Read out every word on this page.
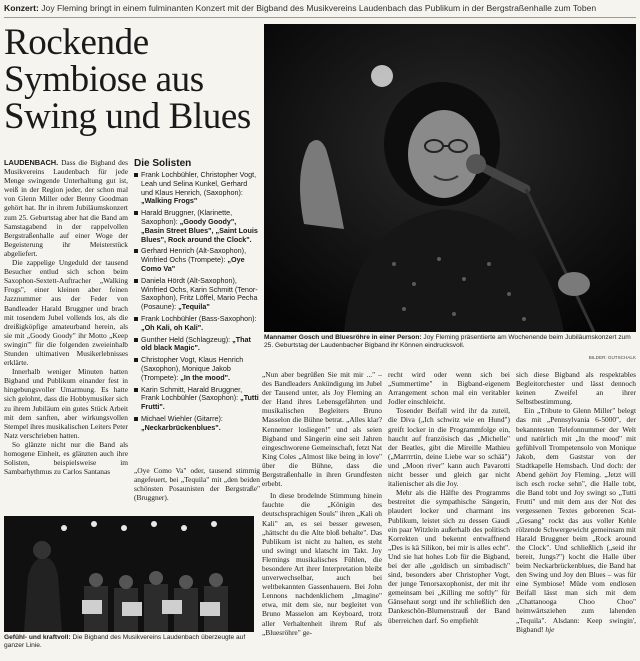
Konzert: Joy Fleming bringt in einem fulminanten Konzert mit der Bigband des Musikvereins Laudenbach das Publikum in der Bergstraßenhalle zum Toben
Rockende
Symbiose aus
Swing und Blues

LAUDENBACH. Dass die Bigband des Musikvereins Laudenbach für jede Menge swingende Unterhaltung gut ist, weiß in der Region jeder, der schon mal von Glenn Miller oder Benny Goodman gehört hat. Ihr in ihrem Jubiläumskonzert zum 25. Geburtstag aber hat die Band am Samstagabend in der rappelvollen Bergstraßenhalle auf einer Woge der Begeisterung ihr Meisterstück abgeliefert.

Die zappelige Ungeduld der tausend Besucher entlud sich schon beim Saxophon-Sextett-Auftracher „Walking Frogs", einer kleinen aber feinen Jazznummer aus der Feder von Bandleader Harald Bruggner und brach mit tosendem Jubel vollends los, als die dreißigköpfige amateurband herein, als sie mit „Goody Goody" ihr Motto „Keep swingin'" für die folgenden zweieinhalb Stunden ultimativen Musikerlebnisses erklärte.

Innerhalb weniger Minuten hatten Bigband und Publikum einander fest in hingebungsvoller Umarmung. Es hatte sich gelohnt, dass die Hobbymusiker sich zu ihrem Jubiläum ein gutes Stück Arbeit mit dem sanften, aber wirkungsvollen Stempel ihres musikalischen Leiters Peter Natz verschrieben hatten.

So glänzte nicht nur die Band als homogene Einheit, es glänzten auch ihre Solisten, beispielsweise im Sambarhythmus zu Carlos Santanas

Die Solisten
Frank Lochbühler, Christopher Vogt, Leah und Selina Kunkel, Gerhard und Klaus Henrich, (Saxophon): „Walking Frogs"
Harald Bruggner, (Klarinette, Saxophon): „Goody Goody", „Basin Street Blues", „Saint Louis Blues", Rock around the Clock".
Gerhard Henrich (Alt-Saxophon), Winfried Ochs (Trompete): „Oye Como Va"
Daniela Hördt (Alt-Saxophon), Winfried Ochs, Karin Schmitt (Tenor-Saxophon), Fritz Löffel, Mario Pecha (Posaune): „Tequila"
Frank Lochbühler (Bass-Saxophon): „Oh Kali, oh Kali".
Gunther Held (Schlagzeug): „That old black Magic".
Christopher Vogt, Klaus Henrich (Saxophon), Monique Jakob (Trompete): „In the mood".
Karin Schmitt, Harald Bruggner, Frank Lochbühler (Saxophon): „Tutti Frutti".
Michael Wiehler (Gitarre): „Neckarbrückenblues".

„Oye Como Va" oder, tausend stimmig angefeuert, bei „Tequila" mit „den beiden schönsten Posaunisten der Bergstraße" (Bruggner).

Mannamer Gosch und Bluesröhre in einer Person: Joy Fleming präsentierte am Wochenende beim Jubiläumskonzert zum 25. Geburtstag der Laudenbacher Bigband ihr Können eindrucksvoll.
BILDER: GUTSCHALK

„Nun aber begrüßen Sie mit mir ..." – des Bandleaders Ankündigung im Jubel der Tausend unter, als Joy Fleming an der Hand ihres Lebensgefährten und musikalischen Begleiters Bruno Masselon die Bühne betrat. „Alles klar? Kennemer losliegen!" und als seien Bigband und Sängerin eine seit Jahren eingeschworene Gemeinschaft, fetzt Nat King Coles „Almost like being in love" über die Bühne, dass die Bergstraßenhalle in ihren Grundfesten erbebt.

In diese brodelnde Stimmung hinein fauchte die „Königin des deutschsprachigen Souls" ihren „Kali oh Kali" an, es sei besser gewesen, „hättscht du die Alte bloß behalte". Das Publikum ist nicht zu halten, es steht und swingt und klatscht im Takt. Joy Flemings musikalisches Fühlen, die besondere Art ihrer Interpretation bleibt unverwechselbar, auch bei weltbekannten Gassenhauern. Bei John Lennons nachdenklichem „Imagine" etwa, mit dem sie, nur begleitet von Bruno Masselon am Keyboard, trotz aller Verhaltenheit ihrem Ruf als „Bluesröhre" ge-

recht wird oder wenn sich bei „Summertime" in Bigband-eigenem Arrangement schon mal ein veritabler Jodler einschleicht.

Tosender Beifall wird ihr da zuteil, die Diva („Ich schwitz wie en Hund") greift locker in die Programmfolge ein, haucht auf französisch das „Michelle" der Beatles, gibt die Mireille Mathieu („Marrrrtin, deine Liebe war so schää") und „Moon river" kann auch Pavarotti nicht besser und gleich gar nicht italienischer als die Joy.

Mehr als die Hälfte des Programms bestreitet die sympathische Sängerin, plaudert locker und charmant ins Publikum, leistet sich zu dessen Gaudi ein paar Witzlein außerhalb des politisch Korrekten und bekennt entwaffnend „Des is kä Silikon, bei mir is alles echt". Und sie hat hohes Lob für die Bigband, bei der alle „goldisch un simbadisch" sind, besonders aber Christopher Vogt, der junge Tenorsaxophonist, der mit ihr gemeinsam bei „Killing me softly" für Gänsehaut sorgt und ihr schließlich den Dankeschön-Blumenstrauß der Band überreichen darf. So empfiehlt

sich diese Bigband als respektables Begleitorchester und lässt dennoch keinen Zweifel an ihrer Selbstbestimmung.

Ein „Tribute to Glenn Miller" belegt das mit „Pennsylvania 6-5000", der bekanntesten Telefonnummer der Welt und natürlich mit „In the mood" mit gefühlvoll Trompetensolo von Monique Jakob, dem Gaststar von der Stadtkapelle Hemsbach. Und doch: der Abend gehört Joy Fleming. „Jetzt will isch esch rocke sehn", die Halle tobt, die Band tobt und Joy swingt so „Tutti Frutti" und mit dem aus der Not des vergessenen Textes geborenen Scat-„Gesang" rockt das aus voller Kehle rölzende Schwergewicht gemeinsam mit Harald Bruggner beim „Rock around the Clock". Und schließlich („seid ihr bereit, Jungs?") kocht die Halle über beim Neckarbrückenblues, die Band hat den Swing und Joy den Blues – was für eine Symbiose! Müde vom endlosen Beifall lässt man sich mit dem „Chattanooga Choo Choo" heimwärtsziehen zum lahenden „Tequila". Alsdann: Keep swingin', Bigband! hje

Gefühl- und kraftvoll: Die Bigband des Musikvereins Laudenbach überzeugte auf ganzer Linie.
